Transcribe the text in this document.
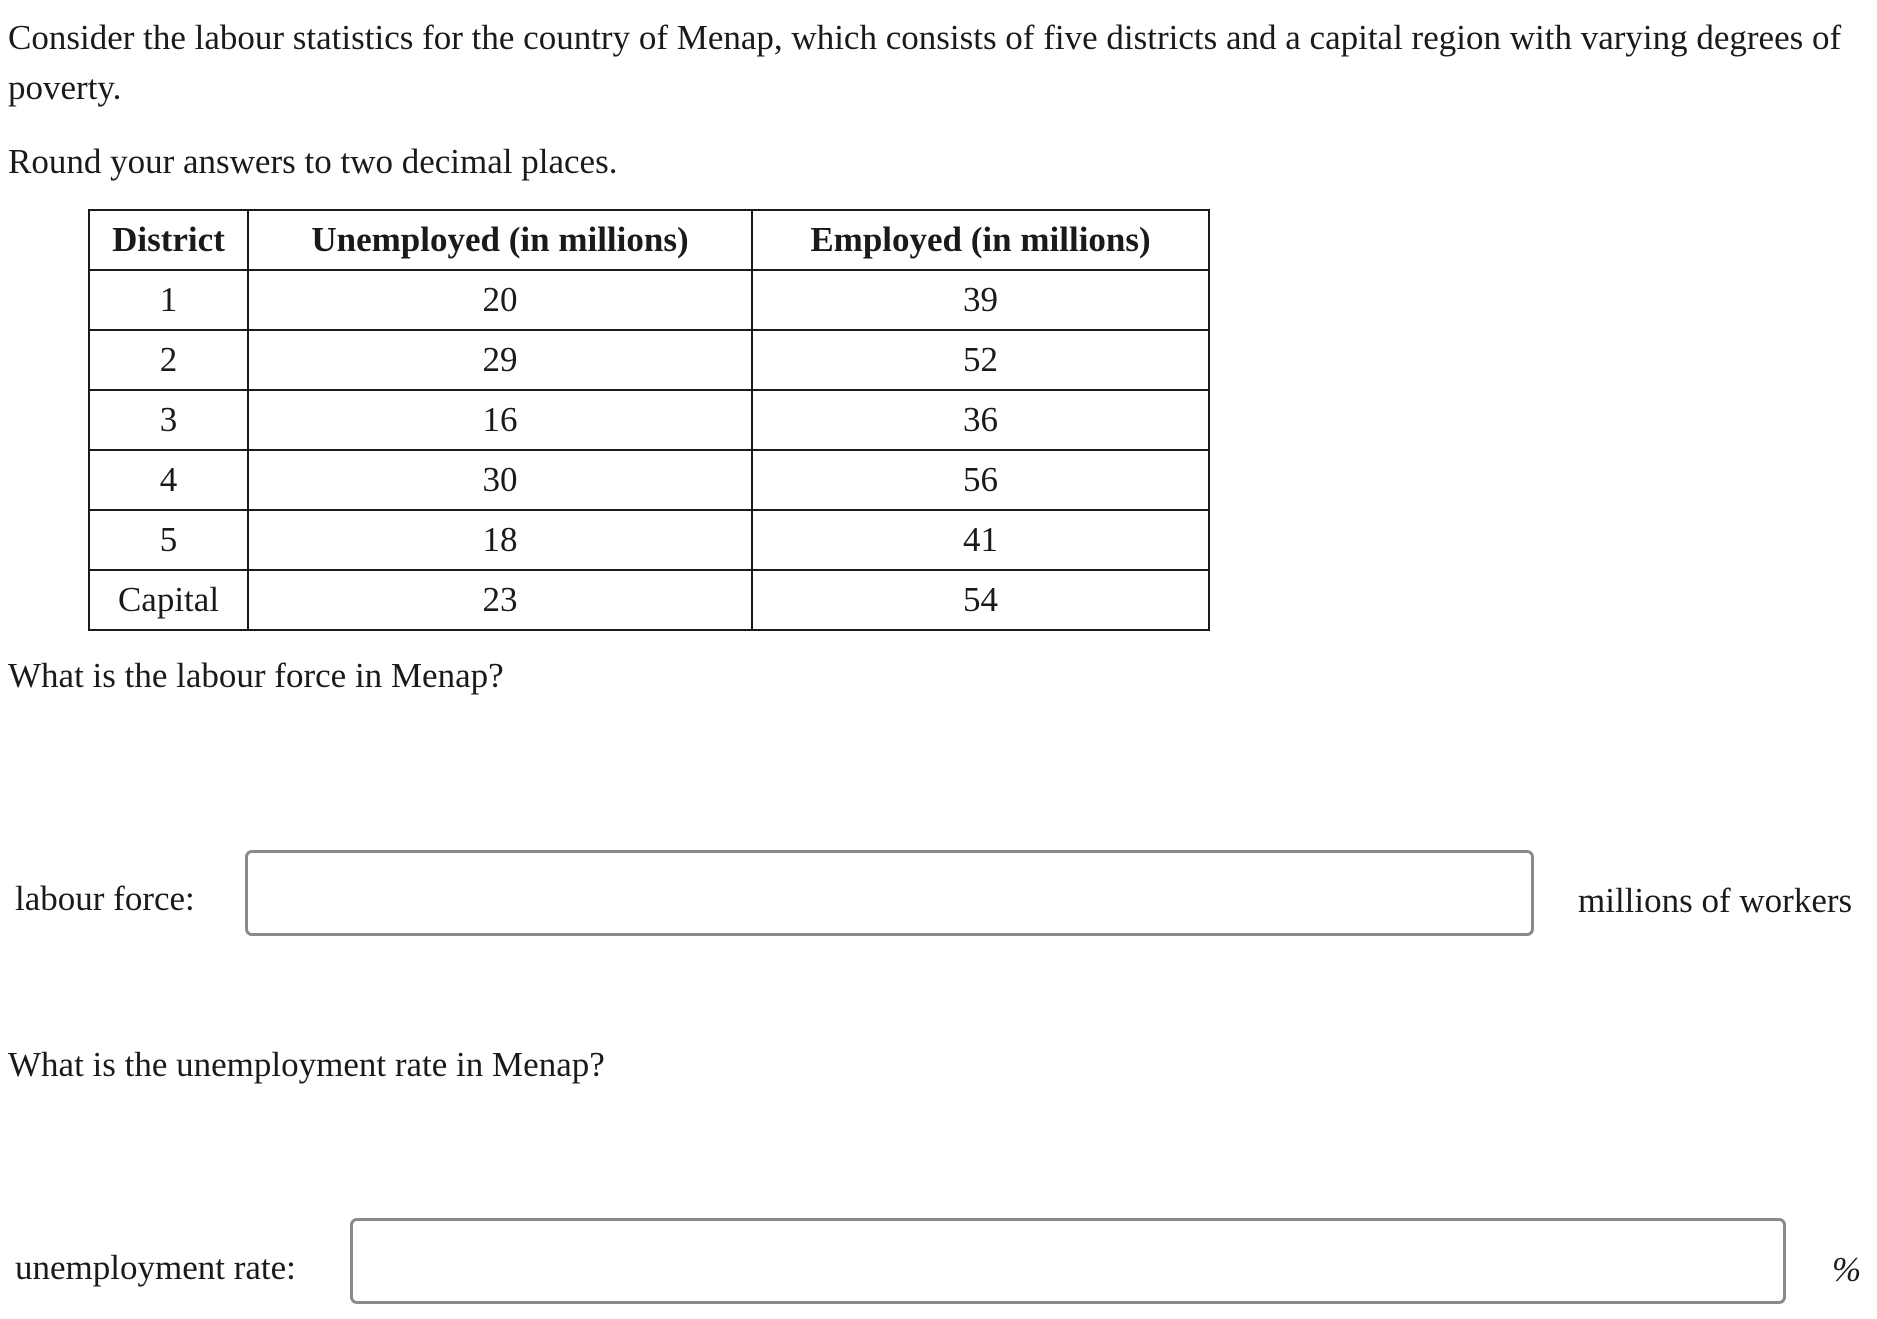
Consider the labour statistics for the country of Menap, which consists of five districts and a capital region with varying degrees of poverty.

Round your answers to two decimal places.

District	Unemployed (in millions)	Employed (in millions)
1	20	39
2	29	52
3	16	36
4	30	56
5	18	41
Capital	23	54

What is the labour force in Menap?

labour force:	millions of workers

What is the unemployment rate in Menap?

unemployment rate:	%
